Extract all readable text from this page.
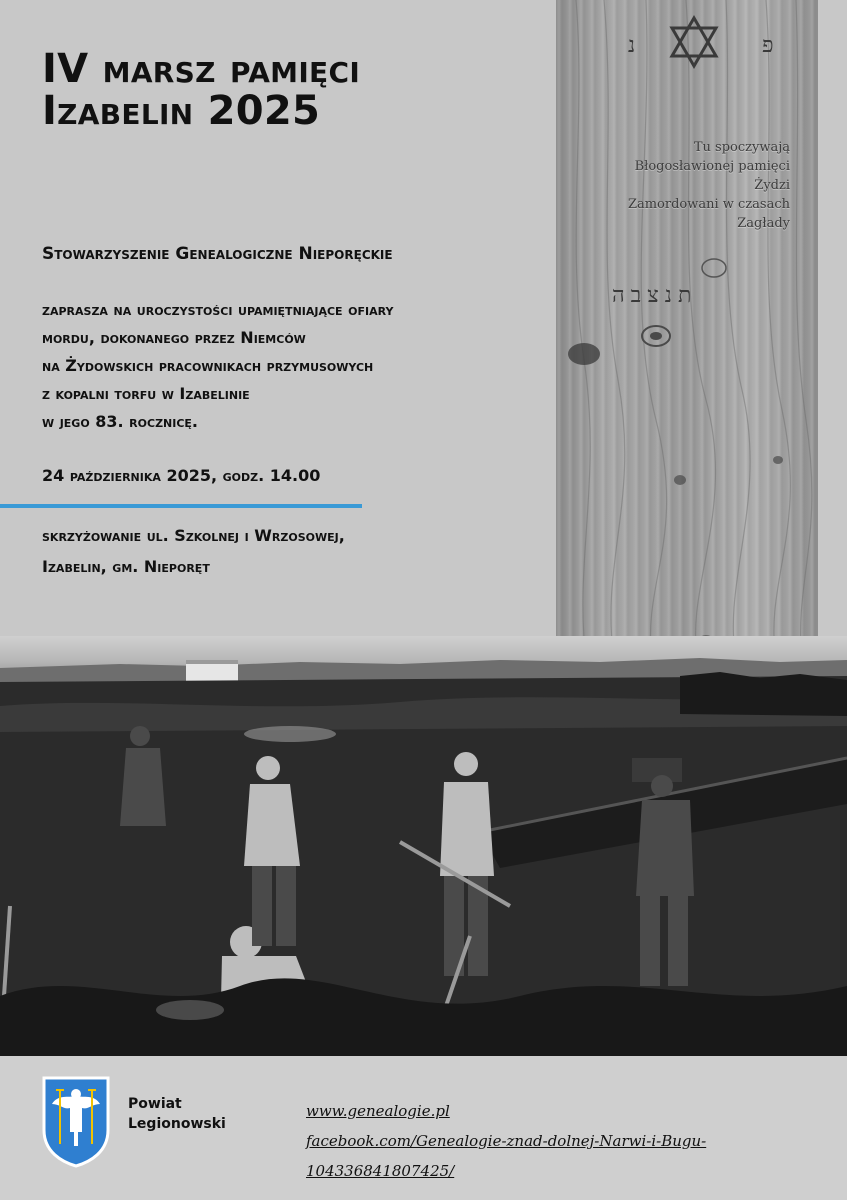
IV marsz pamięci
Izabelin 2025

Stowarzyszenie Genealogiczne Nieporęckie

zaprasza na uroczystości upamiętniające ofiary
mordu, dokonanego przez Niemców
na Żydowskich pracownikach przymusowych
z kopalni torfu w Izabelinie
w jego 83. rocznicę.

24 października 2025, godz. 14.00

skrzyżowanie ul. Szkolnej i Wrzosowej,
Izabelin, gm. Nieporęt

נ	פ
Tu spoczywają
Błogosławionej pamięci
Żydzi
Zamordowani w czasach
Zagłady
תנצבה

Powiat
Legionowski

www.genealogie.pl
facebook.com/Genealogie-znad-dolnej-Narwi-i-Bugu-104336841807425/
